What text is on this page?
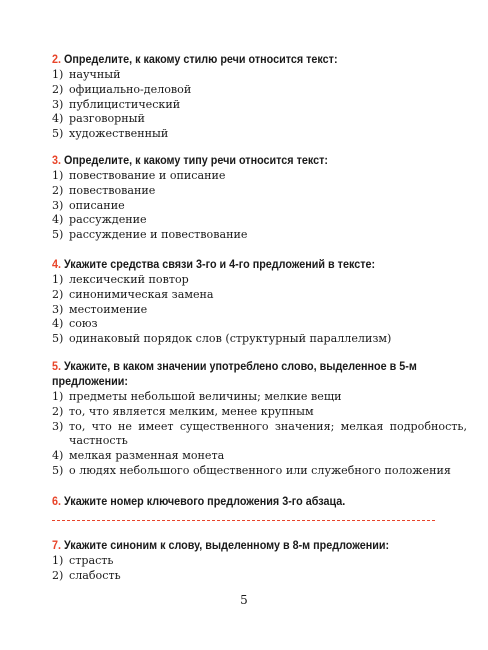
2. Определите, к какому стилю речи относится текст:
1) научный
2) официально-деловой
3) публицистический
4) разговорный
5) художественный
3. Определите, к какому типу речи относится текст:
1) повествование и описание
2) повествование
3) описание
4) рассуждение
5) рассуждение и повествование
4. Укажите средства связи 3-го и 4-го предложений в тексте:
1) лексический повтор
2) синонимическая замена
3) местоимение
4) союз
5) одинаковый порядок слов (структурный параллелизм)
5. Укажите, в каком значении употреблено слово, выделенное в 5-м предложении:
1) предметы небольшой величины; мелкие вещи
2) то, что является мелким, менее крупным
3) то, что не имеет существенного значения; мелкая подробность, частность
4) мелкая разменная монета
5) о людях небольшого общественного или служебного положения
6. Укажите номер ключевого предложения 3-го абзаца.
7. Укажите синоним к слову, выделенному в 8-м предложении:
1) страсть
2) слабость
5
